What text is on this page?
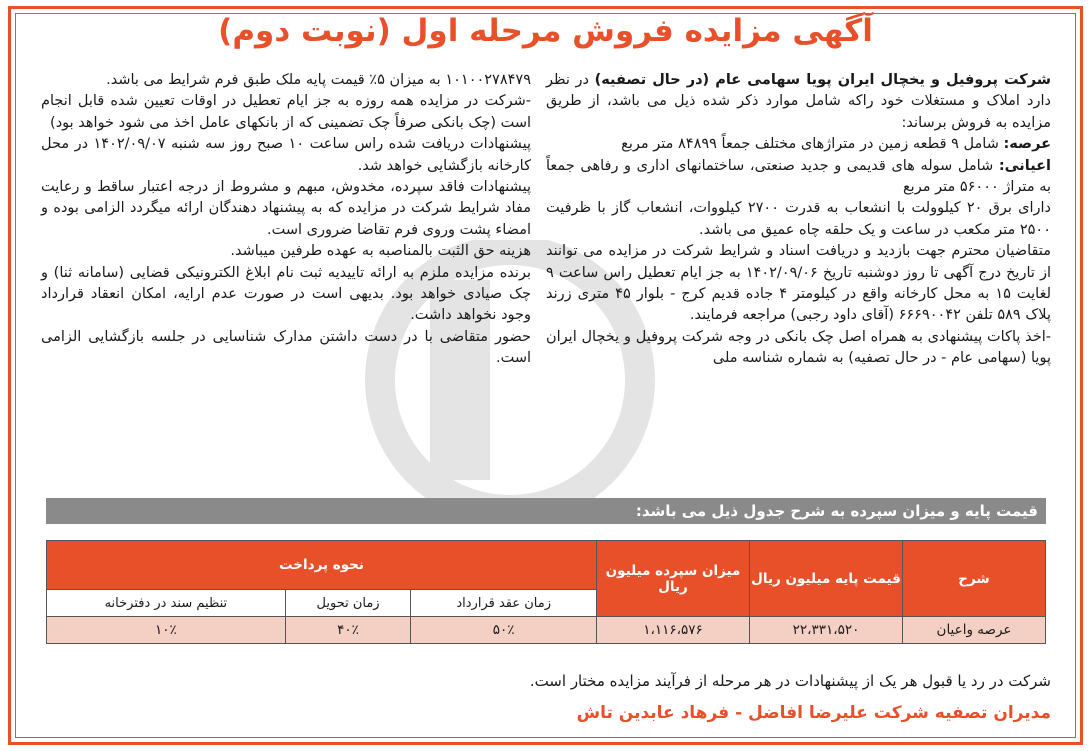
آگهی مزایده فروش مرحله اول (نوبت دوم)

شرکت پروفیل و یخچال ایران پویا سهامی عام (در حال تصفیه) در نظر دارد املاک و مستغلات خود راکه شامل موارد ذکر شده ذیل می باشد، از طریق مزایده به فروش برساند:

عرصه: شامل ۹ قطعه زمین در متراژهای مختلف جمعاً ۸۴۸۹۹ متر مربع

اعیانی: شامل سوله های قدیمی و جدید صنعتی، ساختمانهای اداری و رفاهی جمعاً به متراژ ۵۶۰۰۰ متر مربع

دارای برق ۲۰ کیلوولت با انشعاب به قدرت ۲۷۰۰ کیلووات، انشعاب گاز با ظرفیت ۲۵۰۰ متر مکعب در ساعت و یک حلقه چاه عمیق می باشد.

متقاضیان محترم جهت بازدید و دریافت اسناد و شرایط شرکت در مزایده می توانند از تاریخ درج آگهی تا روز دوشنبه تاریخ ۱۴۰۲/۰۹/۰۶ به جز ایام تعطیل راس ساعت ۹ لغایت ۱۵ به محل کارخانه واقع در کیلومتر ۴ جاده قدیم کرج - بلوار ۴۵ متری زرند پلاک ۵۸۹ تلفن ۶۶۶۹۰۰۴۲ (آقای داود رجبی) مراجعه فرمایند.

-اخذ پاکات پیشنهادی به همراه اصل چک بانکی در وجه شرکت پروفیل و یخچال ایران پویا (سهامی عام - در حال تصفیه) به شماره شناسه ملی

۱۰۱۰۰۲۷۸۴۷۹ به میزان ۵٪ قیمت پایه ملک طبق فرم شرایط می باشد.

-شرکت در مزایده همه روزه به جز ایام تعطیل در اوقات تعیین شده قابل انجام است (چک بانکی صرفاً چک تضمینی که از بانکهای عامل اخذ می شود خواهد بود)

پیشنهادات دریافت شده راس ساعت ۱۰ صبح روز سه شنبه ۱۴۰۲/۰۹/۰۷ در محل کارخانه بازگشایی خواهد شد.

پیشنهادات فاقد سپرده، مخدوش، مبهم و مشروط از درجه اعتبار ساقط و رعایت مفاد شرایط شرکت در مزایده که به پیشنهاد دهندگان ارائه میگردد الزامی بوده و امضاء پشت وروی فرم تقاضا ضروری است.

هزینه حق الثبت بالمناصبه به عهده طرفین میباشد.

برنده مزایده ملزم به ارائه تاییدیه ثبت نام ابلاغ الکترونیکی قضایی (سامانه ثنا) و چک صیادی خواهد بود. بدیهی است در صورت عدم ارایه، امکان انعقاد قرارداد وجود نخواهد داشت.

حضور متقاضی با در دست داشتن مدارک شناسایی در جلسه بازگشایی الزامی است.

قیمت پایه و میزان سپرده به شرح جدول ذیل می باشد:
شرح	قیمت پایه میلیون ریال	میزان سپرده میلیون ریال	نحوه پرداخت		
			زمان عقد قرارداد	زمان تحویل	تنظیم سند در دفترخانه
عرصه واعیان	۲۲،۳۳۱،۵۲۰	۱،۱۱۶،۵۷۶	۵۰٪	۴۰٪	۱۰٪
شرکت در رد یا قبول هر یک از پیشنهادات در هر مرحله از فرآیند مزایده مختار است.
مدیران تصفیه شرکت علیرضا افاضل - فرهاد عابدین تاش
